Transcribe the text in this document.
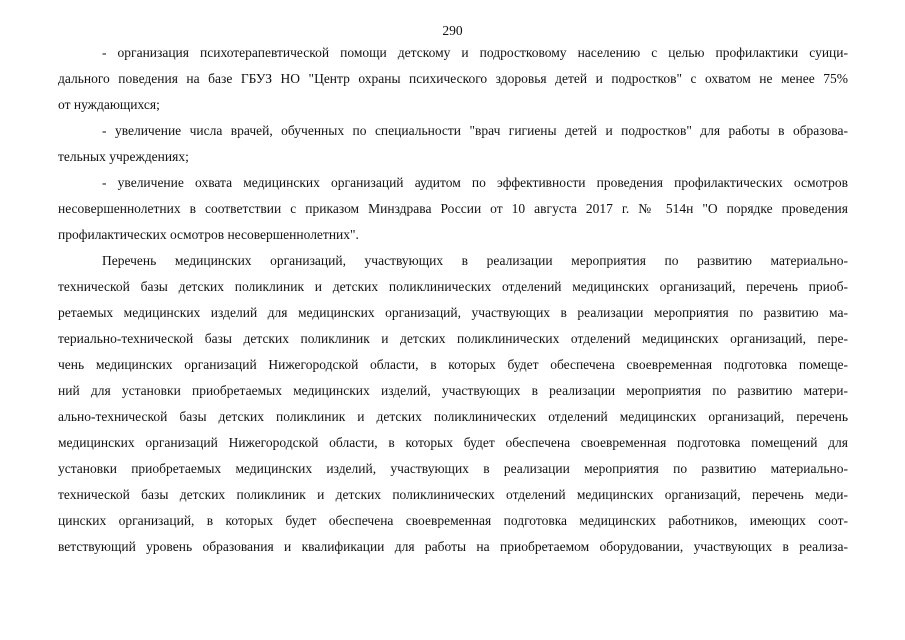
290

- организация психотерапевтической помощи детскому и подростковому населению с целью профилактики суици-
дального поведения на базе ГБУЗ НО "Центр охраны психического здоровья детей и подростков" с охватом не менее 75%
от нуждающихся;

- увеличение числа врачей, обученных по специальности "врач гигиены детей и подростков" для работы в образова-
тельных учреждениях;

- увеличение охвата медицинских организаций аудитом по эффективности проведения профилактических осмотров
несовершеннолетних в соответствии с приказом Минздрава России от 10 августа 2017 г. № 514н "О порядке проведения
профилактических осмотров несовершеннолетних".

Перечень медицинских организаций, участвующих в реализации мероприятия по развитию материально-
технической базы детских поликлиник и детских поликлинических отделений медицинских организаций, перечень приоб-
ретаемых медицинских изделий для медицинских организаций, участвующих в реализации мероприятия по развитию ма-
териально-технической базы детских поликлиник и детских поликлинических отделений медицинских организаций, пере-
чень медицинских организаций Нижегородской области, в которых будет обеспечена своевременная подготовка помеще-
ний для установки приобретаемых медицинских изделий, участвующих в реализации мероприятия по развитию матери-
ально-технической базы детских поликлиник и детских поликлинических отделений медицинских организаций, перечень
медицинских организаций Нижегородской области, в которых будет обеспечена своевременная подготовка помещений для
установки приобретаемых медицинских изделий, участвующих в реализации мероприятия по развитию материально-
технической базы детских поликлиник и детских поликлинических отделений медицинских организаций, перечень меди-
цинских организаций, в которых будет обеспечена своевременная подготовка медицинских работников, имеющих соот-
ветствующий уровень образования и квалификации для работы на приобретаемом оборудовании, участвующих в реализа-
